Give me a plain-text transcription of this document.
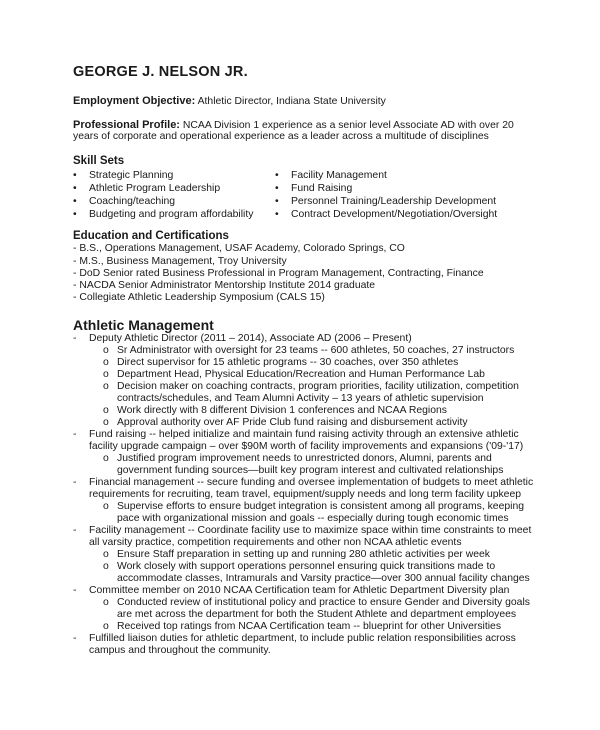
GEORGE J. NELSON JR.
Employment Objective: Athletic Director, Indiana State University
Professional Profile: NCAA Division 1 experience as a senior level Associate AD with over 20
years of corporate and operational experience as a leader across a multitude of disciplines
Skill Sets
• Strategic Planning
• Athletic Program Leadership
• Coaching/teaching
• Budgeting and program affordability
• Facility Management
• Fund Raising
• Personnel Training/Leadership Development
• Contract Development/Negotiation/Oversight
Education and Certifications
- B.S., Operations Management, USAF Academy, Colorado Springs, CO
- M.S., Business Management, Troy University
- DoD Senior rated Business Professional in Program Management, Contracting, Finance
- NACDA Senior Administrator Mentorship Institute 2014 graduate
- Collegiate Athletic Leadership Symposium (CALS 15)
Athletic Management
- Deputy Athletic Director (2011 – 2014), Associate AD (2006 – Present)
o Sr Administrator with oversight for 23 teams -- 600 athletes, 50 coaches, 27 instructors
o Direct supervisor for 15 athletic programs -- 30 coaches, over 350 athletes
o Department Head, Physical Education/Recreation and Human Performance Lab
o Decision maker on coaching contracts, program priorities, facility utilization, competition
contracts/schedules, and Team Alumni Activity – 13 years of athletic supervision
o Work directly with 8 different Division 1 conferences and NCAA Regions
o Approval authority over AF Pride Club fund raising and disbursement activity
- Fund raising -- helped initialize and maintain fund raising activity through an extensive athletic
facility upgrade campaign – over $90M worth of facility improvements and expansions ('09-'17)
o Justified program improvement needs to unrestricted donors, Alumni, parents and
government funding sources—built key program interest and cultivated relationships
- Financial management -- secure funding and oversee implementation of budgets to meet athletic
requirements for recruiting, team travel, equipment/supply needs and long term facility upkeep
o Supervise efforts to ensure budget integration is consistent among all programs, keeping
pace with organizational mission and goals -- especially during tough economic times
- Facility management -- Coordinate facility use to maximize space within time constraints to meet
all varsity practice, competition requirements and other non NCAA athletic events
o Ensure Staff preparation in setting up and running 280 athletic activities per week
o Work closely with support operations personnel ensuring quick transitions made to
accommodate classes, Intramurals and Varsity practice—over 300 annual facility changes
- Committee member on 2010 NCAA Certification team for Athletic Department Diversity plan
o Conducted review of institutional policy and practice to ensure Gender and Diversity goals
are met across the department for both the Student Athlete and department employees
o Received top ratings from NCAA Certification team -- blueprint for other Universities
- Fulfilled liaison duties for athletic department, to include public relation responsibilities across
campus and throughout the community.
